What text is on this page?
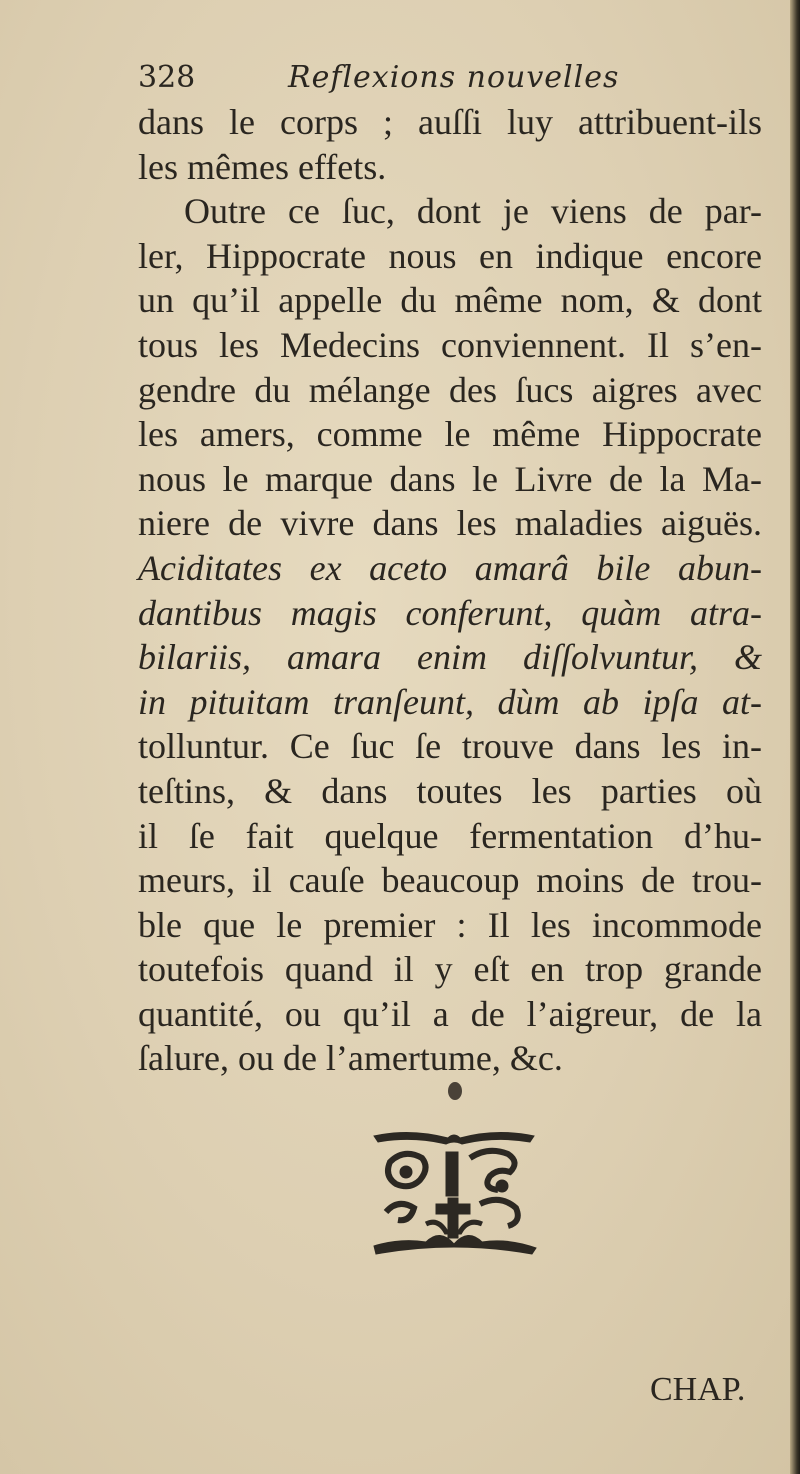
328	Reflexions nouvelles
dans le corps ; auſſi luy attribuent-ils
les mêmes effets.
Outre ce ſuc, dont je viens de par-
ler, Hippocrate nous en indique encore
un qu’il appelle du même nom, & dont
tous les Medecins conviennent. Il s’en-
gendre du mélange des ſucs aigres avec
les amers, comme le même Hippocrate
nous le marque dans le Livre de la Ma-
niere de vivre dans les maladies aiguës.
Aciditates ex aceto amarâ bile abun-
dantibus magis conferunt, quàm atra-
bilariis, amara enim diſſolvuntur, &
in pituitam tranſeunt, dùm ab ipſa at-
tolluntur. Ce ſuc ſe trouve dans les in-
teſtins, & dans toutes les parties où
il ſe fait quelque fermentation d’hu-
meurs, il cauſe beaucoup moins de trou-
ble que le premier : Il les incommode
toutefois quand il y eſt en trop grande
quantité, ou qu’il a de l’aigreur, de la
ſalure, ou de l’amertume, &c.
CHAP.
